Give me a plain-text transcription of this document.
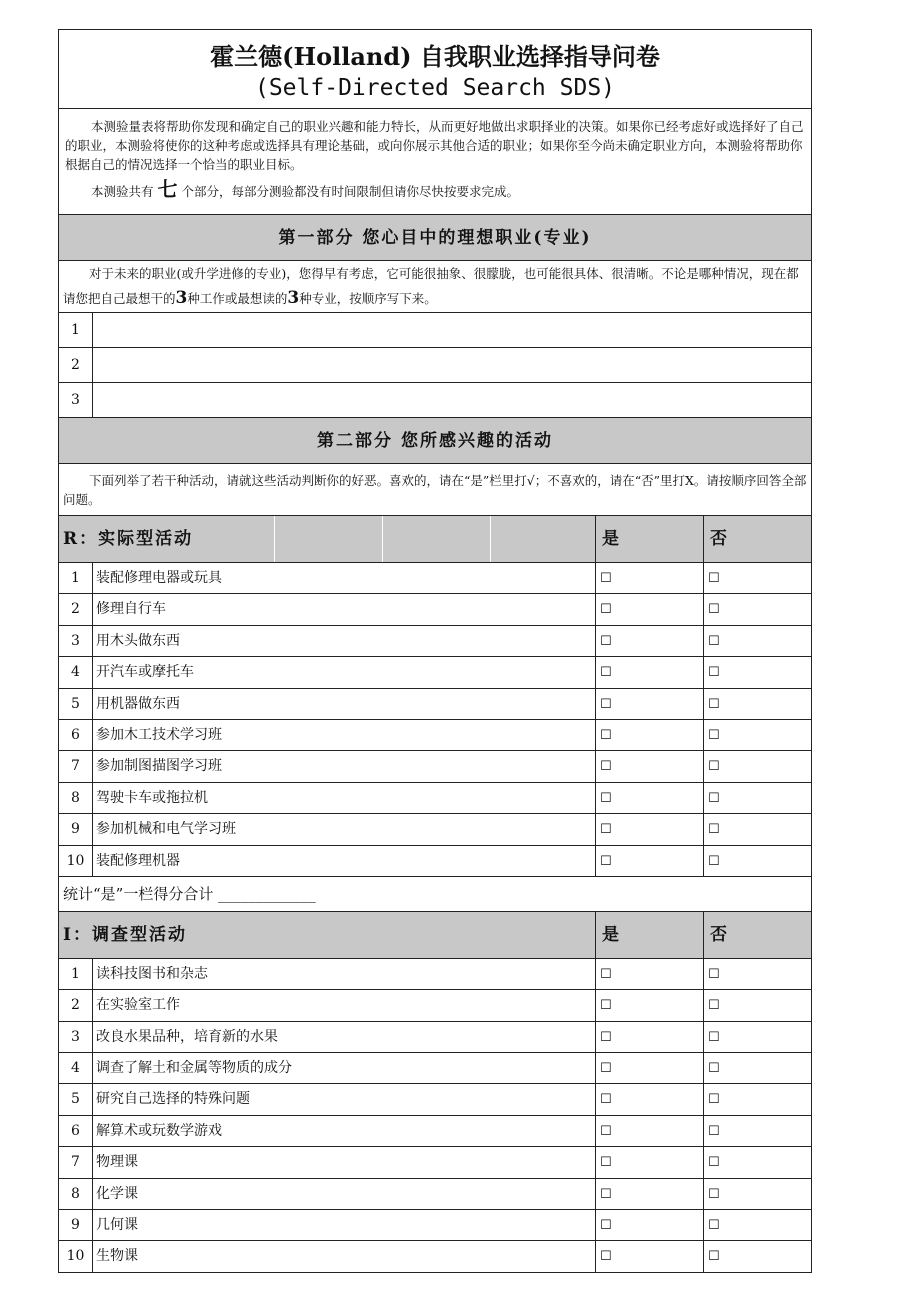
霍兰德(Holland) 自我职业选择指导问卷
(Self-Directed Search SDS)

本测验量表将帮助你发现和确定自己的职业兴趣和能力特长，从而更好地做出求职择业的决策。如果你已经考虑好或选择好了自己的职业，本测验将使你的这种考虑或选择具有理论基础，或向你展示其他合适的职业；如果你至今尚未确定职业方向，本测验将帮助你根据自己的情况选择一个恰当的职业目标。

本测验共有 七 个部分，每部分测验都没有时间限制但请你尽快按要求完成。

第一部分 您心目中的理想职业(专业)

对于未来的职业(或升学进修的专业)，您得早有考虑，它可能很抽象、很朦胧，也可能很具体、很清晰。不论是哪种情况，现在都请您把自己最想干的3种工作或最想读的3种专业，按顺序写下来。

1
2
3
第二部分 您所感兴趣的活动

下面列举了若干种活动，请就这些活动判断你的好恶。喜欢的，请在“是”栏里打√；不喜欢的，请在“否”里打X。请按顺序回答全部问题。

R：实际型活动	是	否
1	装配修理电器或玩具	☐	☐
2	修理自行车	☐	☐
3	用木头做东西	☐	☐
4	开汽车或摩托车	☐	☐
5	用机器做东西	☐	☐
6	参加木工技术学习班	☐	☐
7	参加制图描图学习班	☐	☐
8	驾驶卡车或拖拉机	☐	☐
9	参加机械和电气学习班	☐	☐
10 装配修理机器	☐	☐
统计“是”一栏得分合计 _____________
I：调查型活动	是	否
1	读科技图书和杂志	☐	☐
2	在实验室工作	☐	☐
3	改良水果品种，培育新的水果	☐	☐
4	调查了解土和金属等物质的成分	☐	☐
5	研究自己选择的特殊问题	☐	☐
6	解算术或玩数学游戏	☐	☐
7	物理课	☐	☐
8	化学课	☐	☐
9	几何课	☐	☐
10 生物课	☐	☐
